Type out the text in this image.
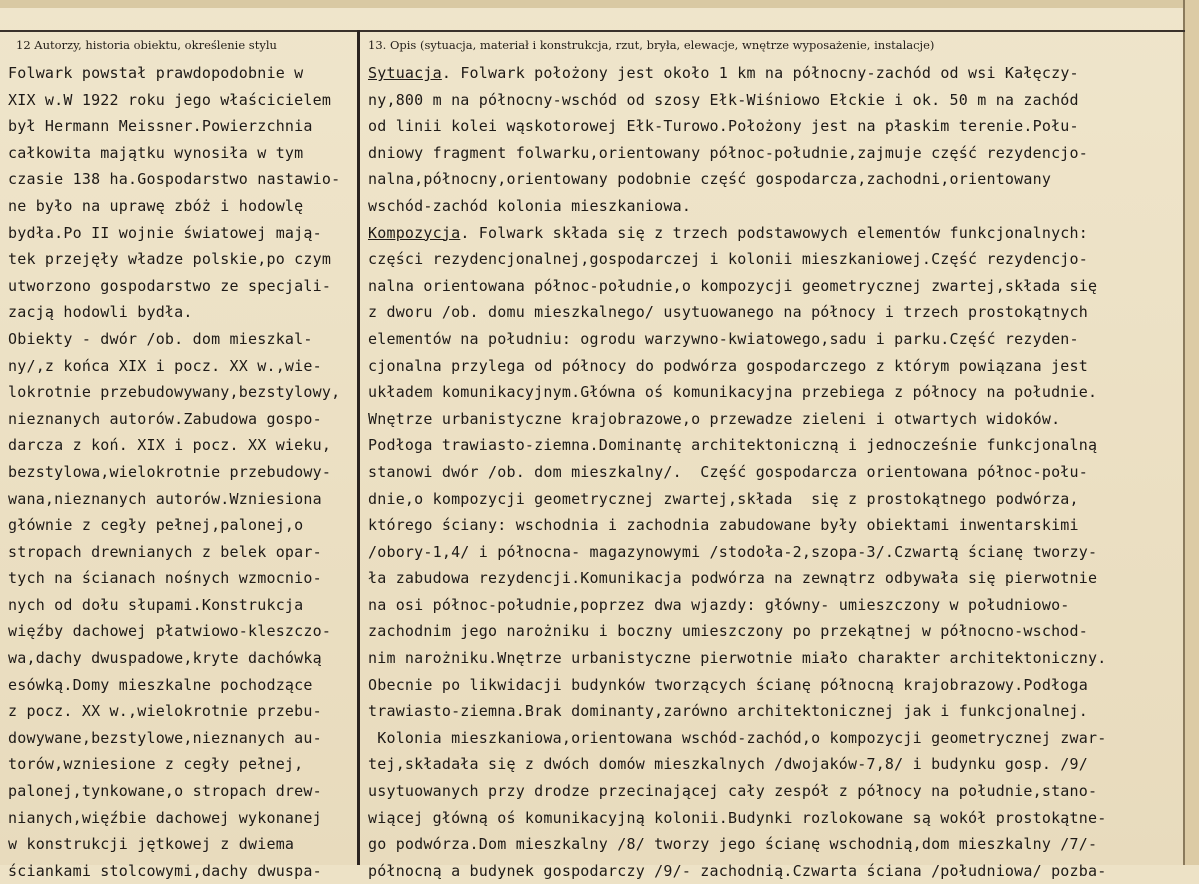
12 Autorzy, historia obiektu, określenie stylu	13. Opis (sytuacja, materiał i konstrukcja, rzut, bryła, elewacje, wnętrze wyposażenie, instalacje)
Folwark powstał prawdopodobnie w
XIX w.W 1922 roku jego właścicielem
był Hermann Meissner.Powierzchnia
całkowita majątku wynosiła w tym
czasie 138 ha.Gospodarstwo nastawio-
ne było na uprawę zbóż i hodowlę
bydła.Po II wojnie światowej mają-
tek przejęły władze polskie,po czym
utworzono gospodarstwo ze specjali-
zacją hodowli bydła.
Obiekty - dwór /ob. dom mieszkal-
ny/,z końca XIX i pocz. XX w.,wie-
lokrotnie przebudowywany,bezstylowy,
nieznanych autorów.Zabudowa gospo-
darcza z koń. XIX i pocz. XX wieku,
bezstylowa,wielokrotnie przebudowy-
wana,nieznanych autorów.Wzniesiona
głównie z cegły pełnej,palonej,o
stropach drewnianych z belek opar-
tych na ścianach nośnych wzmocnio-
nych od dołu słupami.Konstrukcja
więźby dachowej płatwiowo-kleszczo-
wa,dachy dwuspadowe,kryte dachówką
esówką.Domy mieszkalne pochodzące
z pocz. XX w.,wielokrotnie przebu-
dowywane,bezstylowe,nieznanych au-
torów,wzniesione z cegły pełnej,
palonej,tynkowane,o stropach drew-
nianych,więźbie dachowej wykonanej
w konstrukcji jętkowej z dwiema
ściankami stolcowymi,dachy dwuspa-
Sytuacja. Folwark położony jest około 1 km na północny-zachód od wsi Kałęczy-
ny,800 m na północny-wschód od szosy Ełk-Wiśniowo Ełckie i ok. 50 m na zachód
od linii kolei wąskotorowej Ełk-Turowo.Położony jest na płaskim terenie.Połu-
dniowy fragment folwarku,orientowany północ-południe,zajmuje część rezydencjo-
nalna,północny,orientowany podobnie część gospodarcza,zachodni,orientowany
wschód-zachód kolonia mieszkaniowa.
Kompozycja. Folwark składa się z trzech podstawowych elementów funkcjonalnych:
części rezydencjonalnej,gospodarczej i kolonii mieszkaniowej.Część rezydencjo-
nalna orientowana północ-południe,o kompozycji geometrycznej zwartej,składa się
z dworu /ob. domu mieszkalnego/ usytuowanego na północy i trzech prostokątnych
elementów na południu: ogrodu warzywno-kwiatowego,sadu i parku.Część rezyden-
cjonalna przylega od północy do podwórza gospodarczego z którym powiązana jest
układem komunikacyjnym.Główna oś komunikacyjna przebiega z północy na południe.
Wnętrze urbanistyczne krajobrazowe,o przewadze zieleni i otwartych widoków.
Podłoga trawiasto-ziemna.Dominantę architektoniczną i jednocześnie funkcjonalną
stanowi dwór /ob. dom mieszkalny/.  Część gospodarcza orientowana północ-połu-
dnie,o kompozycji geometrycznej zwartej,składa  się z prostokątnego podwórza,
którego ściany: wschodnia i zachodnia zabudowane były obiektami inwentarskimi
/obory-1,4/ i północna- magazynowymi /stodoła-2,szopa-3/.Czwartą ścianę tworzy-
ła zabudowa rezydencji.Komunikacja podwórza na zewnątrz odbywała się pierwotnie
na osi północ-południe,poprzez dwa wjazdy: główny- umieszczony w południowo-
zachodnim jego narożniku i boczny umieszczony po przekątnej w północno-wschod-
nim narożniku.Wnętrze urbanistyczne pierwotnie miało charakter architektoniczny.
Obecnie po likwidacji budynków tworzących ścianę północną krajobrazowy.Podłoga
trawiasto-ziemna.Brak dominanty,zarówno architektonicznej jak i funkcjonalnej.
Kolonia mieszkaniowa,orientowana wschód-zachód,o kompozycji geometrycznej zwar-
tej,składała się z dwóch domów mieszkalnych /dwojaków-7,8/ i budynku gosp. /9/
usytuowanych przy drodze przecinającej cały zespół z północy na południe,stano-
wiącej główną oś komunikacyjną kolonii.Budynki rozlokowane są wokół prostokątne-
go podwórza.Dom mieszkalny /8/ tworzy jego ścianę wschodnią,dom mieszkalny /7/-
północną a budynek gospodarczy /9/- zachodnią.Czwarta ściana /południowa/ pozba-
